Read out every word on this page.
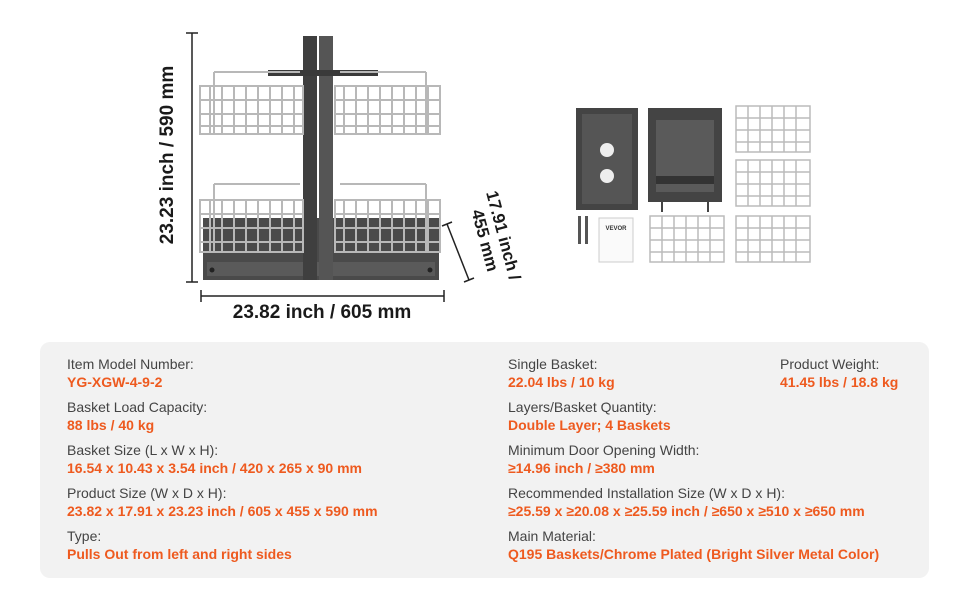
VEVOR
23.23 inch / 590 mm
23.82 inch / 605 mm
17.91 inch / 455 mm
Item Model Number:
YG-XGW-4-9-2
Basket Load Capacity:
88 lbs / 40 kg
Basket Size (L x W x H):
16.54 x 10.43 x 3.54 inch / 420 x 265 x 90 mm
Product Size (W x D x H):
23.82 x 17.91 x 23.23 inch / 605 x 455 x 590 mm
Type:
Pulls Out from left and right sides
Single Basket:
22.04 lbs / 10 kg
Product Weight:
41.45 lbs / 18.8 kg
Layers/Basket Quantity:
Double Layer; 4 Baskets
Minimum Door Opening Width:
≥14.96 inch / ≥380 mm
Recommended Installation Size (W x D x H):
≥25.59 x ≥20.08 x ≥25.59 inch / ≥650 x ≥510 x ≥650 mm
Main Material:
Q195 Baskets/Chrome Plated (Bright Silver Metal Color)
